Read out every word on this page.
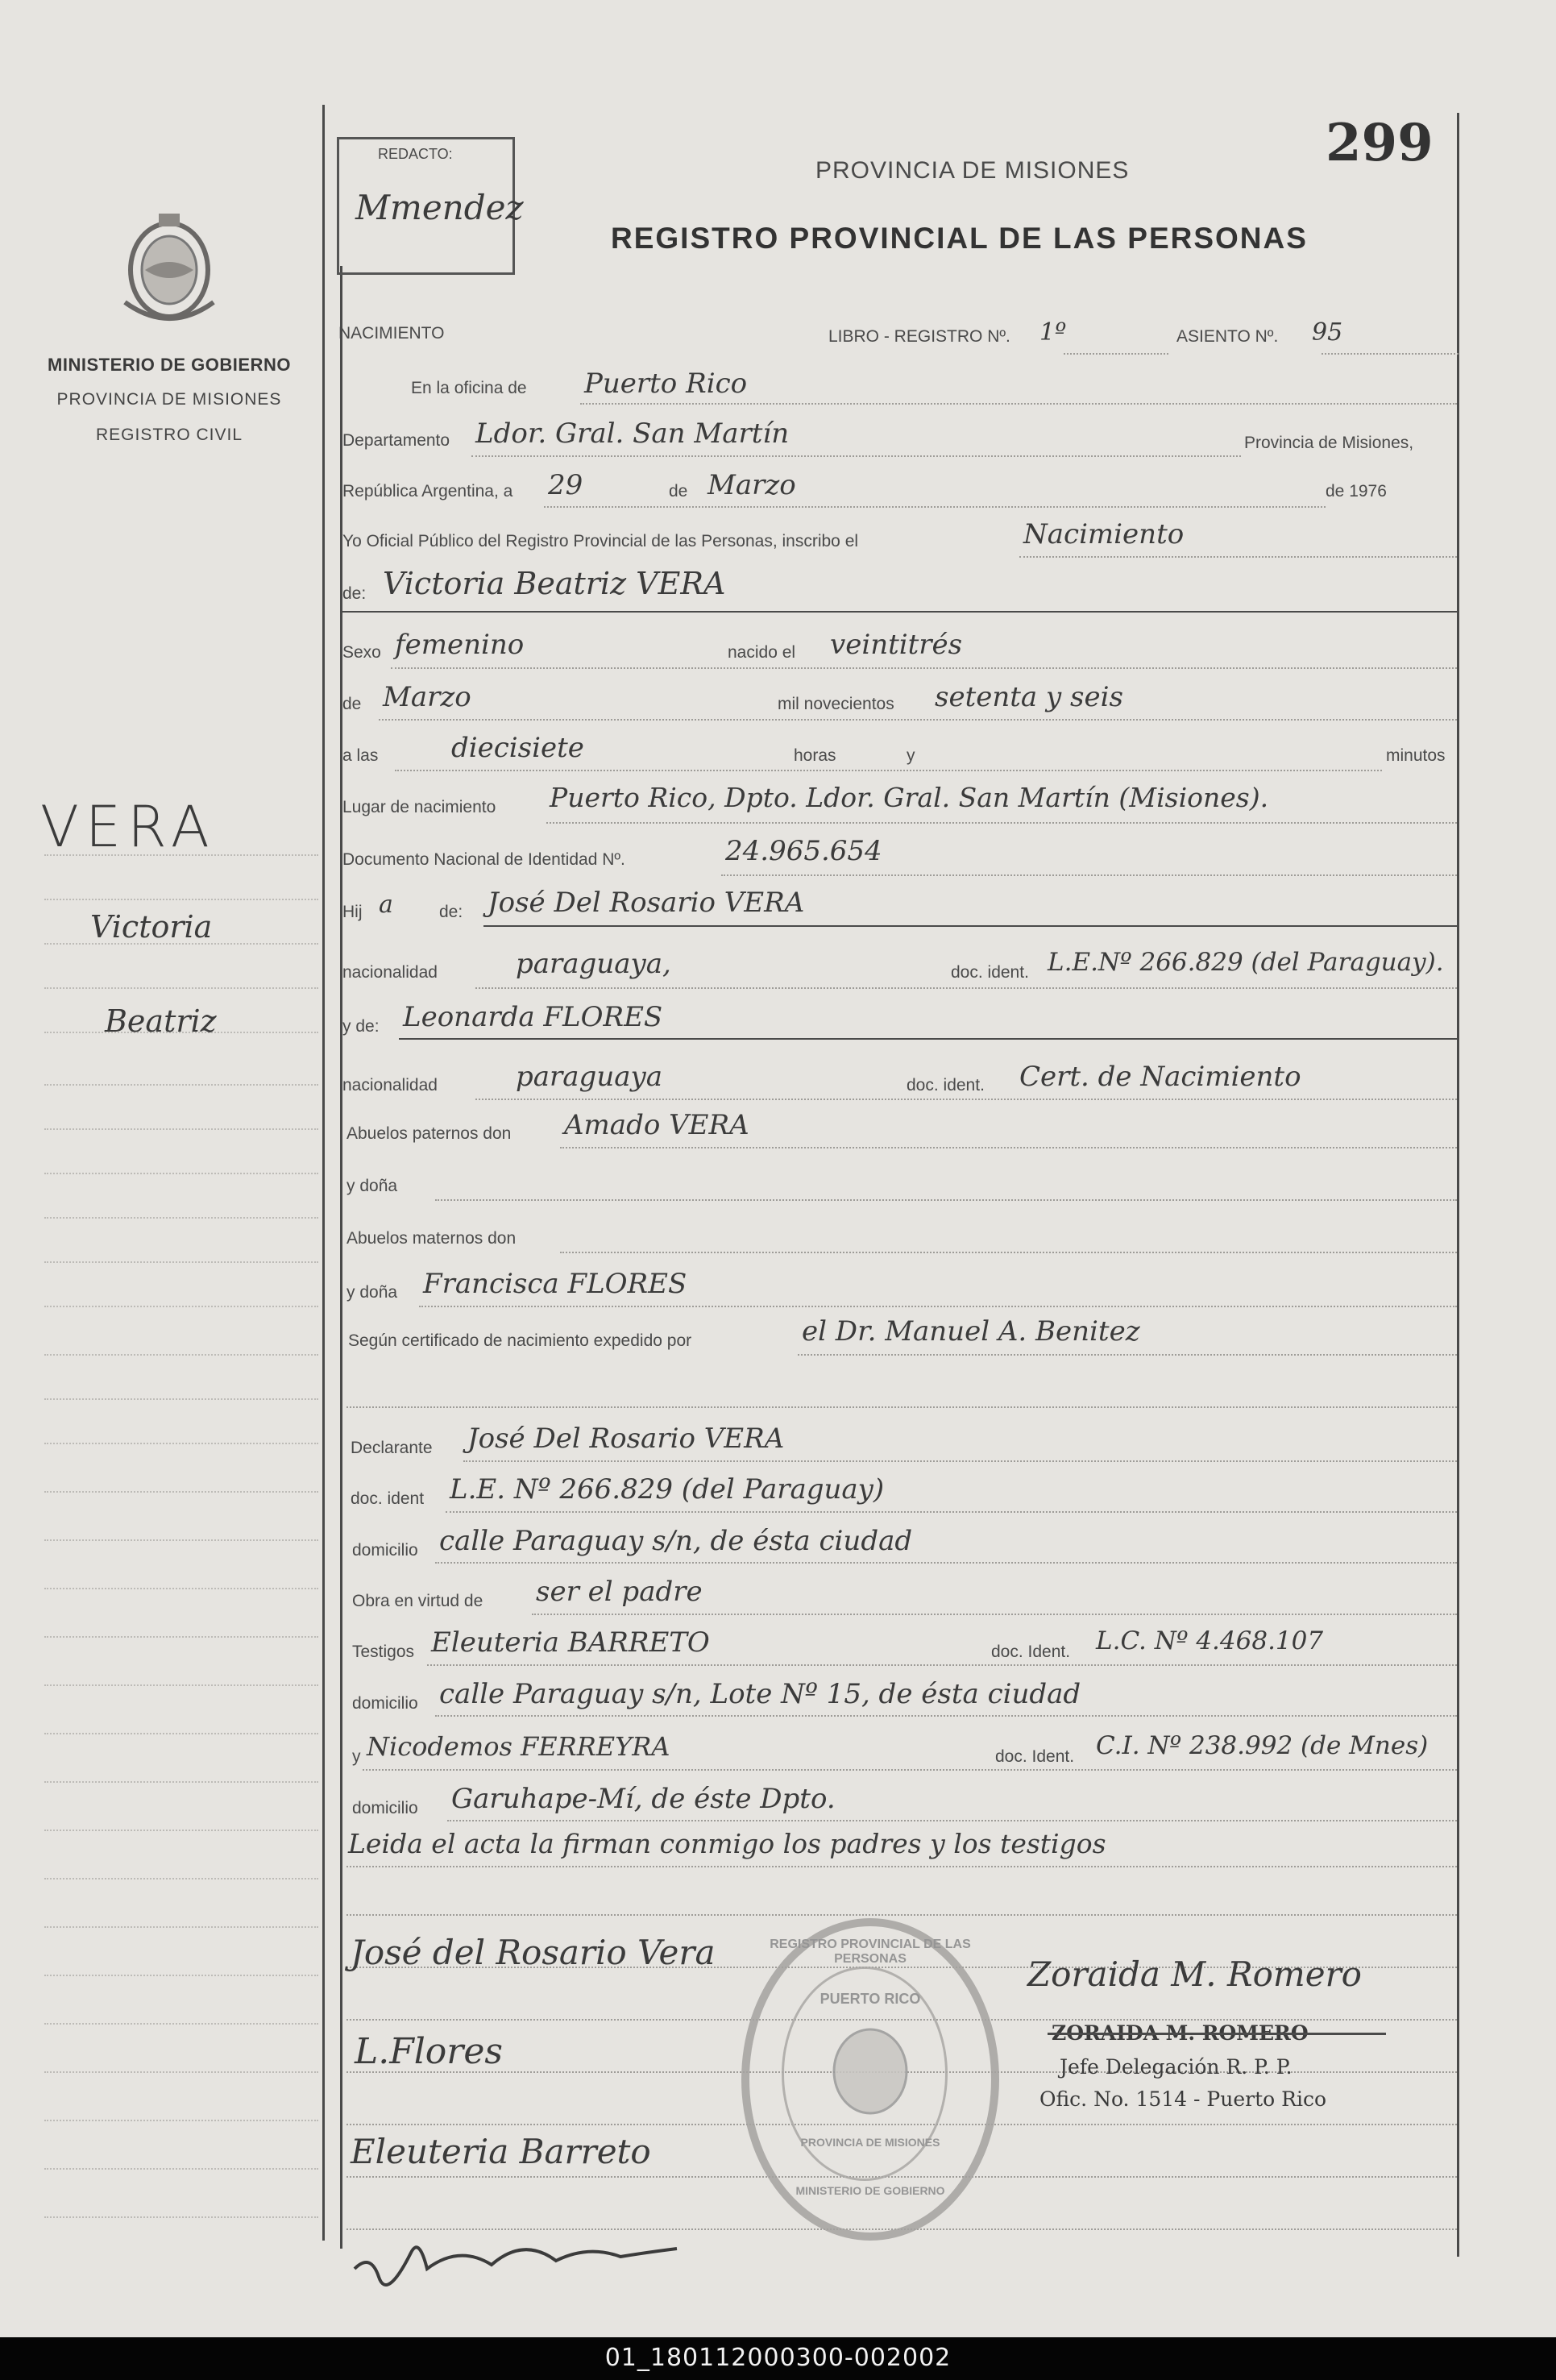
MINISTERIO DE GOBIERNO
PROVINCIA DE MISIONES
REGISTRO CIVIL
VERA
Victoria
Beatriz
REDACTO:
Mmendez
PROVINCIA DE MISIONES
REGISTRO PROVINCIAL DE LAS PERSONAS
299
NACIMIENTO	LIBRO - REGISTRO Nº. 1º	ASIENTO Nº. 95
En la oficina de Puerto Rico
Departamento Ldor. Gral. San Martín	Provincia de Misiones,
República Argentina, a 29	de Marzo	de 1976
Yo Oficial Público del Registro Provincial de las Personas, inscribo el	Nacimiento
de: Victoria Beatriz VERA
Sexo femenino	nacido el veintitrés
de Marzo	mil novecientos setenta y seis
a las	diecisiete	horas	y	minutos
Lugar de nacimiento Puerto Rico, Dpto. Ldor. Gral. San Martín (Misiones).
Documento Nacional de Identidad Nº.	24.965.654
Hij a	de: José Del Rosario VERA
nacionalidad	paraguaya,	doc. ident. L.E.Nº 266.829 (del Paraguay).
y de: Leonarda FLORES
nacionalidad	paraguaya	doc. ident. Cert. de Nacimiento
Abuelos paternos don Amado VERA
y doña
Abuelos maternos don
y doña Francisca FLORES
Según certificado de nacimiento expedido por	el Dr. Manuel A. Benitez
Declarante José Del Rosario VERA
doc. ident L.E. Nº 266.829 (del Paraguay)
domicilio calle Paraguay s/n, de ésta ciudad
Obra en virtud de ser el padre
Testigos Eleuteria BARRETO	doc. Ident. L.C. Nº 4.468.107
domicilio calle Paraguay s/n, Lote Nº 15, de ésta ciudad
y Nicodemos FERREYRA	doc. Ident. C.I. Nº 238.992 (de Mnes)
domicilio Garuhape-Mí, de éste Dpto.
Leida el acta la firman conmigo los padres y los testigos
José del Rosario Vera
L.Flores
Eleuteria Barreto
REGISTRO PROVINCIAL DE LAS PERSONAS
PUERTO RICO
PROVINCIA DE MISIONES
MINISTERIO DE GOBIERNO
Zoraida M. Romero
ZORAIDA M. ROMERO
Jefe Delegación R. P. P.
Ofic. No. 1514 - Puerto Rico
01_180112000300-002002
